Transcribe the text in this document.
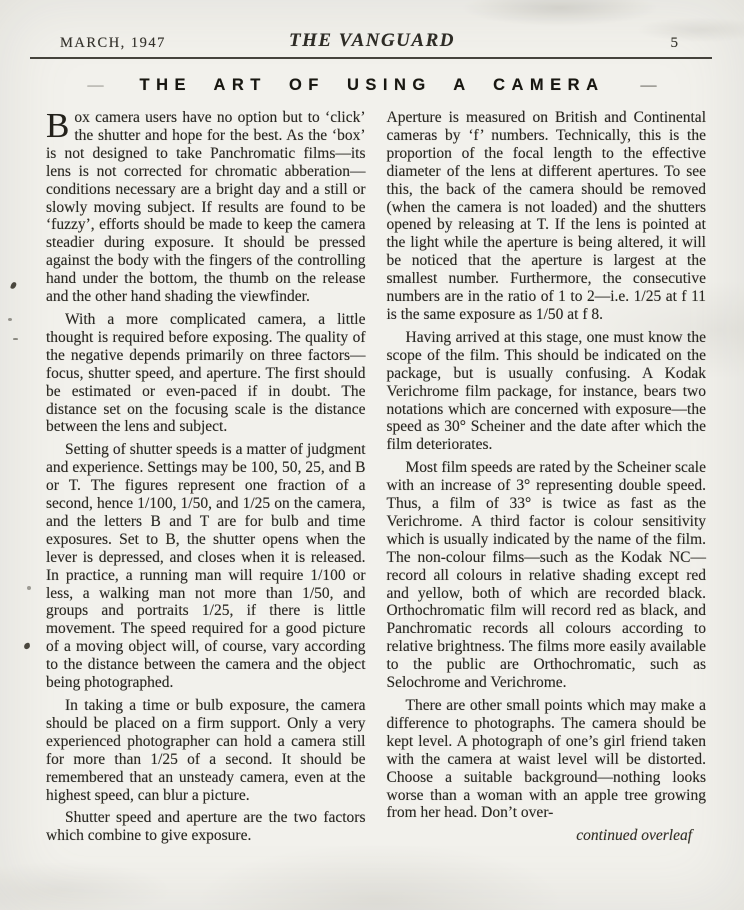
MARCH, 1947	THE VANGUARD	5
— THE ART OF USING A CAMERA —

Box camera users have no option but to ‘click’ the shutter and hope for the best. As the ‘box’ is not designed to take Panchromatic films—its lens is not corrected for chromatic abberation—conditions necessary are a bright day and a still or slowly moving subject. If results are found to be ‘fuzzy’, efforts should be made to keep the camera steadier during exposure. It should be pressed against the body with the fingers of the controlling hand under the bottom, the thumb on the release and the other hand shading the viewfinder.

With a more complicated camera, a little thought is required before exposing. The quality of the negative depends primarily on three factors—focus, shutter speed, and aperture. The first should be estimated or even-paced if in doubt. The distance set on the focusing scale is the distance between the lens and subject.

Setting of shutter speeds is a matter of judgment and experience. Settings may be 100, 50, 25, and B or T. The figures represent one fraction of a second, hence 1/100, 1/50, and 1/25 on the camera, and the letters B and T are for bulb and time exposures. Set to B, the shutter opens when the lever is depressed, and closes when it is released. In practice, a running man will require 1/100 or less, a walking man not more than 1/50, and groups and portraits 1/25, if there is little movement. The speed required for a good picture of a moving object will, of course, vary according to the distance between the camera and the object being photographed.

In taking a time or bulb exposure, the camera should be placed on a firm support. Only a very experienced photographer can hold a camera still for more than 1/25 of a second. It should be remembered that an unsteady camera, even at the highest speed, can blur a picture.

Shutter speed and aperture are the two factors which combine to give exposure.

Aperture is measured on British and Continental cameras by ‘f’ numbers. Technically, this is the proportion of the focal length to the effective diameter of the lens at different apertures. To see this, the back of the camera should be removed (when the camera is not loaded) and the shutters opened by releasing at T. If the lens is pointed at the light while the aperture is being altered, it will be noticed that the aperture is largest at the smallest number. Furthermore, the consecutive numbers are in the ratio of 1 to 2—i.e. 1/25 at f 11 is the same exposure as 1/50 at f 8.

Having arrived at this stage, one must know the scope of the film. This should be indicated on the package, but is usually confusing. A Kodak Verichrome film package, for instance, bears two notations which are concerned with exposure—the speed as 30° Scheiner and the date after which the film deteriorates.

Most film speeds are rated by the Scheiner scale with an increase of 3° representing double speed. Thus, a film of 33° is twice as fast as the Verichrome. A third factor is colour sensitivity which is usually indicated by the name of the film. The non-colour films—such as the Kodak NC—record all colours in relative shading except red and yellow, both of which are recorded black. Orthochromatic film will record red as black, and Panchromatic records all colours according to relative brightness. The films more easily available to the public are Orthochromatic, such as Selochrome and Verichrome.

There are other small points which may make a difference to photographs. The camera should be kept level. A photograph of one’s girl friend taken with the camera at waist level will be distorted. Choose a suitable background—nothing looks worse than a woman with an apple tree growing from her head. Don’t over-

continued overleaf
